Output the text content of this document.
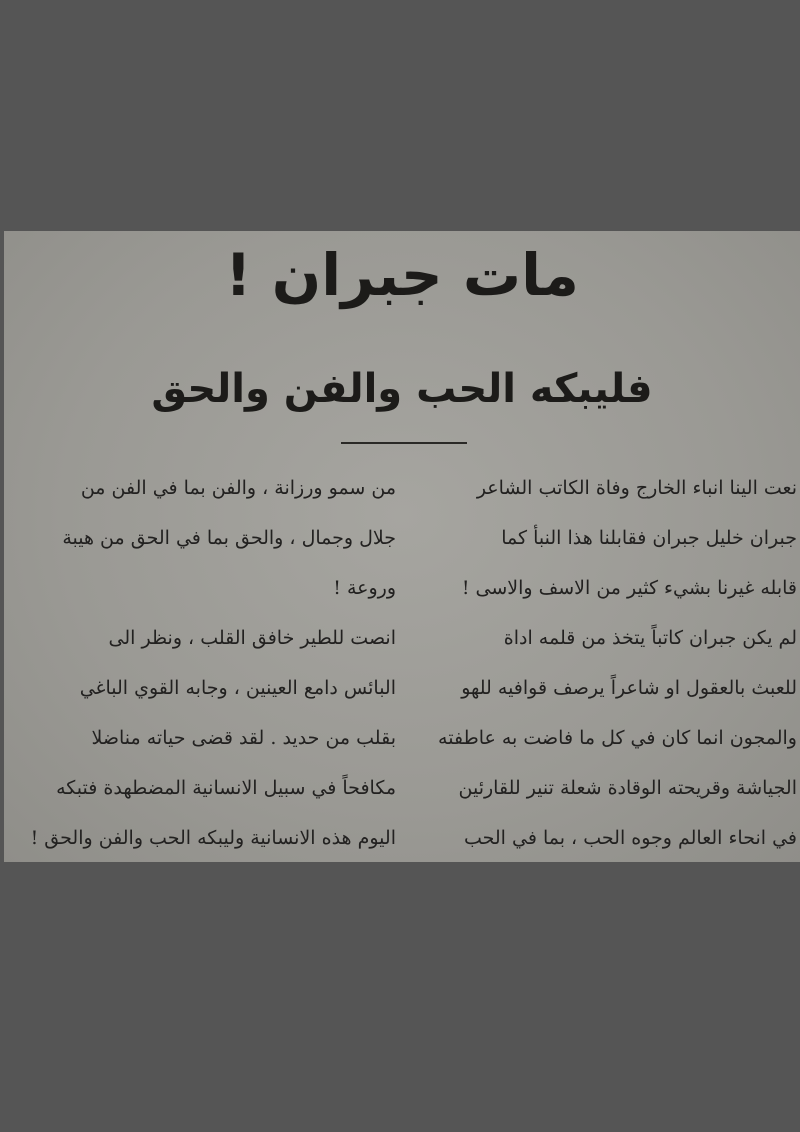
مات جبران !
فليبكه الحب والفن والحق
نعت الينا انباء الخارج وفاة الكاتب الشاعر
جبران خليل جبران فقابلنا هذا النبأ كما
قابله غيرنا بشيء كثير من الاسف والاسى !
لم يكن جبران كاتباً يتخذ من قلمه اداة
للعبث بالعقول او شاعراً يرصف قوافيه للهو
والمجون انما كان في كل ما فاضت به عاطفته
الجياشة وقريحته الوقادة شعلة تنير للقارئين
في انحاء العالم وجوه الحب ، بما في الحب
من سمو ورزانة ، والفن بما في الفن من
جلال وجمال ، والحق بما في الحق من هيبة
وروعة !
انصت للطير خافق القلب ، ونظر الى
البائس دامع العينين ، وجابه القوي الباغي
بقلب من حديد . لقد قضى حياته مناضلا
مكافحاً في سبيل الانسانية المضطهدة فتبكه
اليوم هذه الانسانية وليبكه الحب والفن والحق !
